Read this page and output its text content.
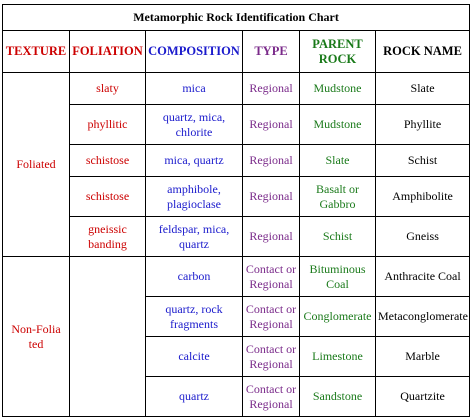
Metamorphic Rock Identification Chart					
TEXTURE	FOLIATION	COMPOSITION	TYPE	PARENT ROCK	ROCK NAME
Foliated	slaty	mica	Regional	Mudstone	Slate
	phyllitic	quartz, mica, chlorite	Regional	Mudstone	Phyllite
	schistose	mica, quartz	Regional	Slate	Schist
	schistose	amphibole, plagioclase	Regional	Basalt or Gabbro	Amphibolite
	gneissic banding	feldspar, mica, quartz	Regional	Schist	Gneiss
Non-Foliated		carbon	Contact or Regional	Bituminous Coal	Anthracite Coal
		quartz, rock fragments	Contact or Regional	Conglomerate	Metaconglomerate
		calcite	Contact or Regional	Limestone	Marble
		quartz	Contact or Regional	Sandstone	Quartzite
